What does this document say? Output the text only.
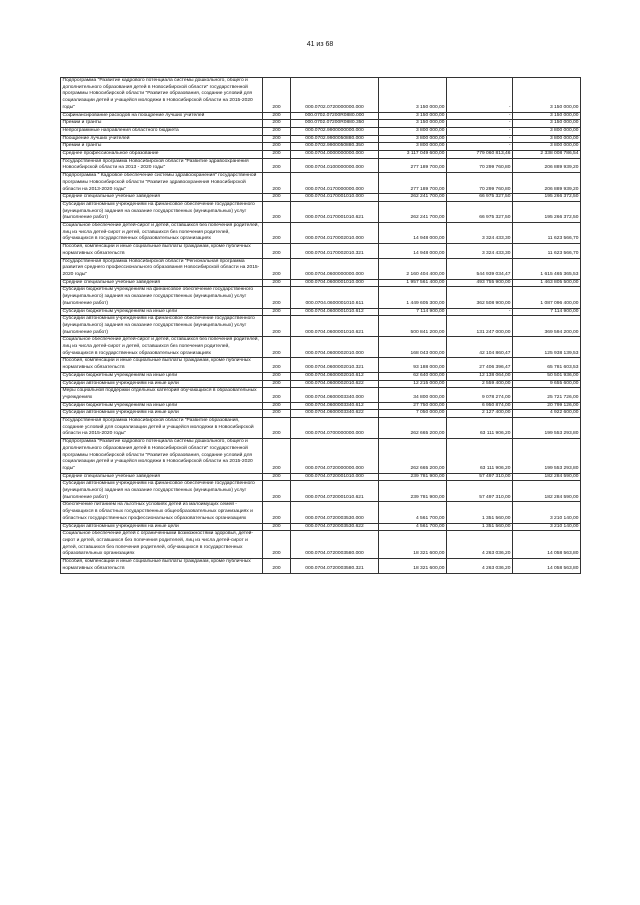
41 из 68
Подпрограмма "Развитие кадрового потенциала системы дошкольного, общего и дополнительного образования детей в Новосибирской области" государственной программы Новосибирской области "Развитие образования, создание условий для социализации детей и учащейся молодежи в Новосибирской области на 2015-2020 годы"	200	000.0702.0720000000.000	3 150 000,00	-	3 150 000,00
Софинансирование расходов на поощрение лучших учителей	200	000.0702.07200R0880.000	3 150 000,00	-	3 150 000,00
Премии и гранты	200	000.0702.07200R0880.350	3 150 000,00	-	3 150 000,00
Непрограммные направления областного бюджета	200	000.0702.9900000000.000	3 800 000,00	-	3 800 000,00
Поощрение лучших учителей	200	000.0702.9900050880.000	3 800 000,00	-	3 800 000,00
Премии и гранты	200	000.0702.9900050880.350	3 800 000,00	-	3 800 000,00
Среднее профессиональное образование	200	000.0704.0000000000.000	3 117 049 600,00	779 060 813,46	2 338 008 786,54
Государственная программа Новосибирской области "Развитие здравоохранения Новосибирской области на 2013 - 2020 годы"	200	000.0704.0100000000.000	277 189 700,00	70 299 760,80	206 889 939,20
Подпрограмма " Кадровое обеспечение системы здравоохранения" государственной программы Новосибирской области "Развитие здравоохранения Новосибирской области на 2013-2020 годы"	200	000.0704.0170000000.000	277 189 700,00	70 299 760,80	206 889 939,20
Средние специальные учебные заведения	200	000.0704.0170001010.000	262 241 700,00	66 975 327,50	195 266 372,50
Субсидии автономным учреждениям на финансовое обеспечение государственного (муниципального) задания на оказание государственных (муниципальных) услуг (выполнение работ)	200	000.0704.0170001010.621	262 241 700,00	66 975 327,50	195 266 372,50
Социальное обеспечение детей-сирот и детей, оставшихся без попечения родителей, лиц из числа детей-сирот и детей, оставшихся без попечения родителей, обучающихся в государственных образовательных организациях	200	000.0704.0170002010.000	14 948 000,00	3 324 433,30	11 623 566,70
Пособия, компенсации и иные социальные выплаты гражданам, кроме публичных нормативных обязательств	200	000.0704.0170002010.321	14 948 000,00	3 324 433,30	11 623 566,70
Государственная программа Новосибирской области "Региональная программа развития среднего профессионального образования Новосибирской области на 2015-2020 годы"	200	000.0704.0600000000.000	2 160 404 400,00	544 939 034,47	1 615 465 365,53
Средние специальные учебные заведения	200	000.0704.0600001010.000	1 957 561 400,00	493 755 900,00	1 463 805 500,00
Субсидии бюджетным учреждениям на финансовое обеспечение государственного (муниципального) задания на оказание государственных (муниципальных) услуг (выполнение работ)	200	000.0704.0600001010.611	1 449 605 300,00	362 508 900,00	1 087 096 400,00
Субсидии бюджетным учреждениям на иные цели	200	000.0704.0600001010.612	7 114 900,00	-	7 114 900,00
Субсидии автономным учреждениям на финансовое обеспечение государственного (муниципального) задания на оказание государственных (муниципальных) услуг (выполнение работ)	200	000.0704.0600001010.621	500 841 200,00	131 247 000,00	369 594 200,00
Социальное обеспечение детей-сирот и детей, оставшихся без попечения родителей, лиц из числа детей-сирот и детей, оставшихся без попечения родителей, обучающихся в государственных образовательных организациях	200	000.0704.0600002010.000	168 043 000,00	42 104 860,47	125 938 139,53
Пособия, компенсации и иные социальные выплаты гражданам, кроме публичных нормативных обязательств	200	000.0704.0600002010.321	93 188 000,00	27 406 396,47	65 781 603,53
Субсидии бюджетным учреждениям на иные цели	200	000.0704.0600002010.612	62 640 000,00	12 138 064,00	50 501 936,00
Субсидии автономным учреждениям на иные цели	200	000.0704.0600002010.622	12 215 000,00	2 559 400,00	9 655 600,00
Меры социальной поддержки отдельных категорий обучающихся в образовательных учреждениях	200	000.0704.0600003340.000	34 800 000,00	9 078 274,00	25 721 726,00
Субсидии бюджетным учреждениям на иные цели	200	000.0704.0600003340.612	27 750 000,00	6 950 874,00	20 799 126,00
Субсидии автономным учреждениям на иные цели	200	000.0704.0600003340.622	7 050 000,00	2 127 400,00	4 922 600,00
Государственная программа Новосибирской области "Развитие образования, создание условий для социализации детей и учащейся молодежи в Новосибирской области на 2015-2020 годы"	200	000.0704.0700000000.000	262 665 200,00	63 111 906,20	199 553 293,80
Подпрограмма "Развитие кадрового потенциала системы дошкольного, общего и дополнительного образования детей в Новосибирской области" государственной программы Новосибирской области "Развитие образования, создание условий для социализации детей и учащейся молодежи в Новосибирской области на 2015-2020 годы"	200	000.0704.0720000000.000	262 665 200,00	63 111 906,20	199 553 293,80
Средние специальные учебные заведения	200	000.0704.0720001010.000	239 781 900,00	57 497 310,00	182 284 590,00
Субсидии автономным учреждениям на финансовое обеспечение государственного (муниципального) задания на оказание государственных (муниципальных) услуг (выполнение работ)	200	000.0704.0720001010.621	239 781 900,00	57 497 310,00	182 284 590,00
Обеспечение питанием на льготных условиях детей из малоимущих семей - обучающихся в областных государственных общеобразовательных организациях и областных государственных профессиональных образовательных организациях	200	000.0704.0720003530.000	4 561 700,00	1 351 560,00	3 210 140,00
Субсидии автономным учреждениям на иные цели	200	000.0704.0720003530.622	4 561 700,00	1 351 560,00	3 210 140,00
Социальное обеспечение детей с ограниченными возможностями здоровья, детей-сирот и детей, оставшихся без попечения родителей, лиц из числа детей-сирот и детей, оставшихся без попечения родителей, обучающихся в государственных образовательных организациях	200	000.0704.0720003580.000	18 321 600,00	4 263 036,20	14 058 563,80
Пособия, компенсации и иные социальные выплаты гражданам, кроме публичных нормативных обязательств	200	000.0704.0720003580.321	18 321 600,00	4 263 036,20	14 058 563,80
